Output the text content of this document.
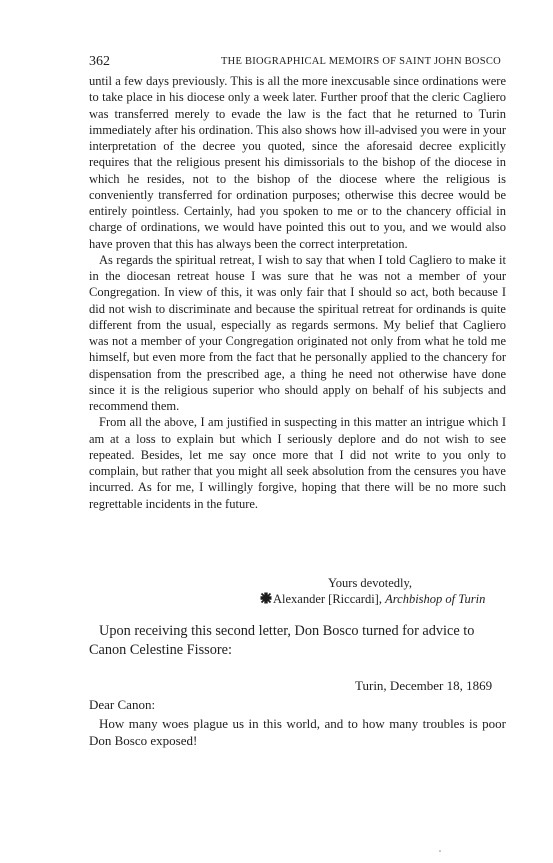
362	THE BIOGRAPHICAL MEMOIRS OF SAINT JOHN BOSCO

until a few days previously. This is all the more inexcusable since ordinations were to take place in his diocese only a week later. Further proof that the cleric Cagliero was transferred merely to evade the law is the fact that he returned to Turin immediately after his ordination. This also shows how ill-advised you were in your interpretation of the decree you quoted, since the aforesaid decree explicitly requires that the religious present his dimissorials to the bishop of the diocese in which he resides, not to the bishop of the diocese where the religious is conveniently transferred for ordination purposes; otherwise this decree would be entirely pointless. Certainly, had you spoken to me or to the chancery official in charge of ordinations, we would have pointed this out to you, and we would also have proven that this has always been the correct interpretation.

As regards the spiritual retreat, I wish to say that when I told Cagliero to make it in the diocesan retreat house I was sure that he was not a member of your Congregation. In view of this, it was only fair that I should so act, both because I did not wish to discriminate and because the spiritual retreat for ordinands is quite different from the usual, especially as regards sermons. My belief that Cagliero was not a member of your Congregation originated not only from what he told me himself, but even more from the fact that he personally applied to the chancery for dispensation from the prescribed age, a thing he need not otherwise have done since it is the religious superior who should apply on behalf of his subjects and recommend them.

From all the above, I am justified in suspecting in this matter an intrigue which I am at a loss to explain but which I seriously deplore and do not wish to see repeated. Besides, let me say once more that I did not write to you only to complain, but rather that you might all seek absolution from the censures you have incurred. As for me, I willingly forgive, hoping that there will be no more such regrettable incidents in the future.

Yours devotedly,
Alexander [Riccardi], Archbishop of Turin

Upon receiving this second letter, Don Bosco turned for advice to Canon Celestine Fissore:

Turin, December 18, 1869
Dear Canon:

How many woes plague us in this world, and to how many troubles is poor Don Bosco exposed!
